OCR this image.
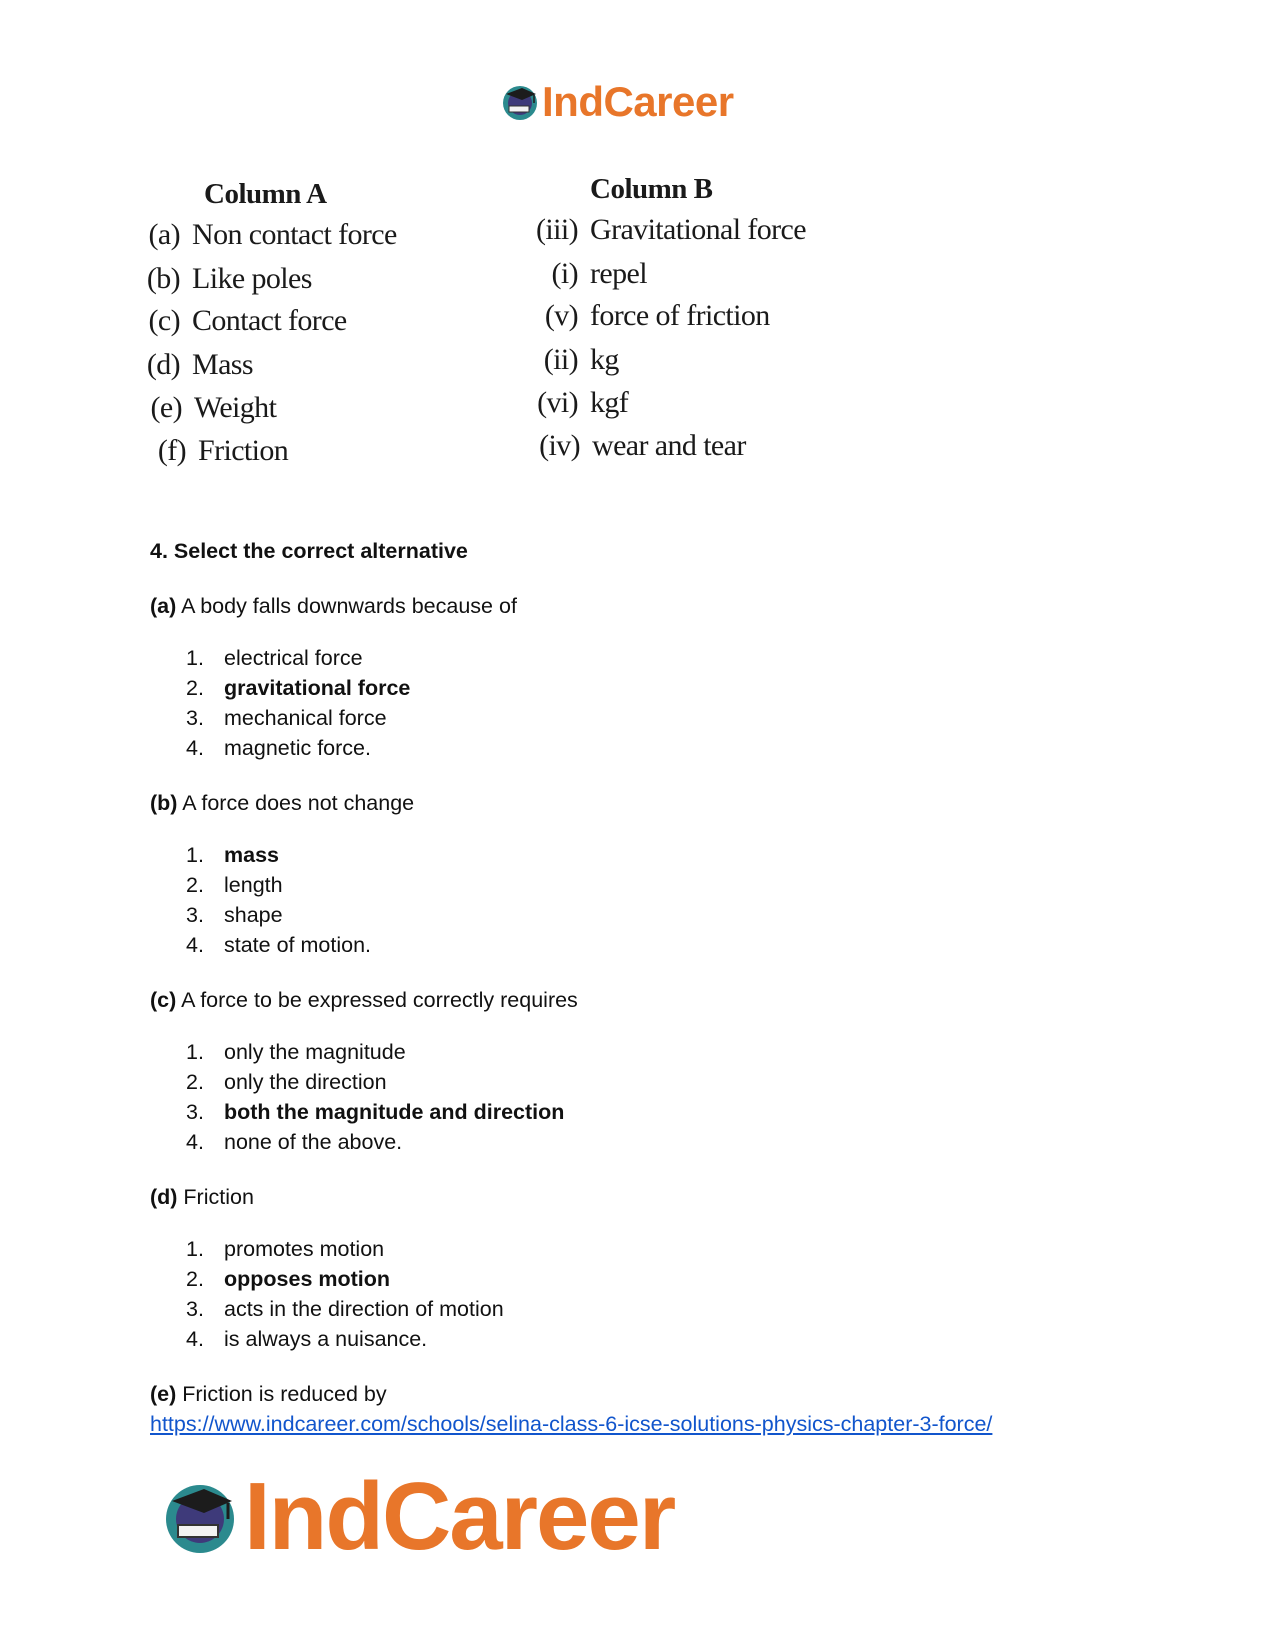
IndCareer
Column A	Column B
(a) Non contact force
(b) Like poles
(c) Contact force
(d) Mass
(e) Weight
(f) Friction
(iii) Gravitational force
(i) repel
(v) force of friction
(ii) kg
(vi) kgf
(iv) wear and tear
4. Select the correct alternative
(a) A body falls downwards because of
1. electrical force
2. gravitational force
3. mechanical force
4. magnetic force.
(b) A force does not change
1. mass
2. length
3. shape
4. state of motion.
(c) A force to be expressed correctly requires
1. only the magnitude
2. only the direction
3. both the magnitude and direction
4. none of the above.
(d) Friction
1. promotes motion
2. opposes motion
3. acts in the direction of motion
4. is always a nuisance.
(e) Friction is reduced by
https://www.indcareer.com/schools/selina-class-6-icse-solutions-physics-chapter-3-force/
IndCareer
